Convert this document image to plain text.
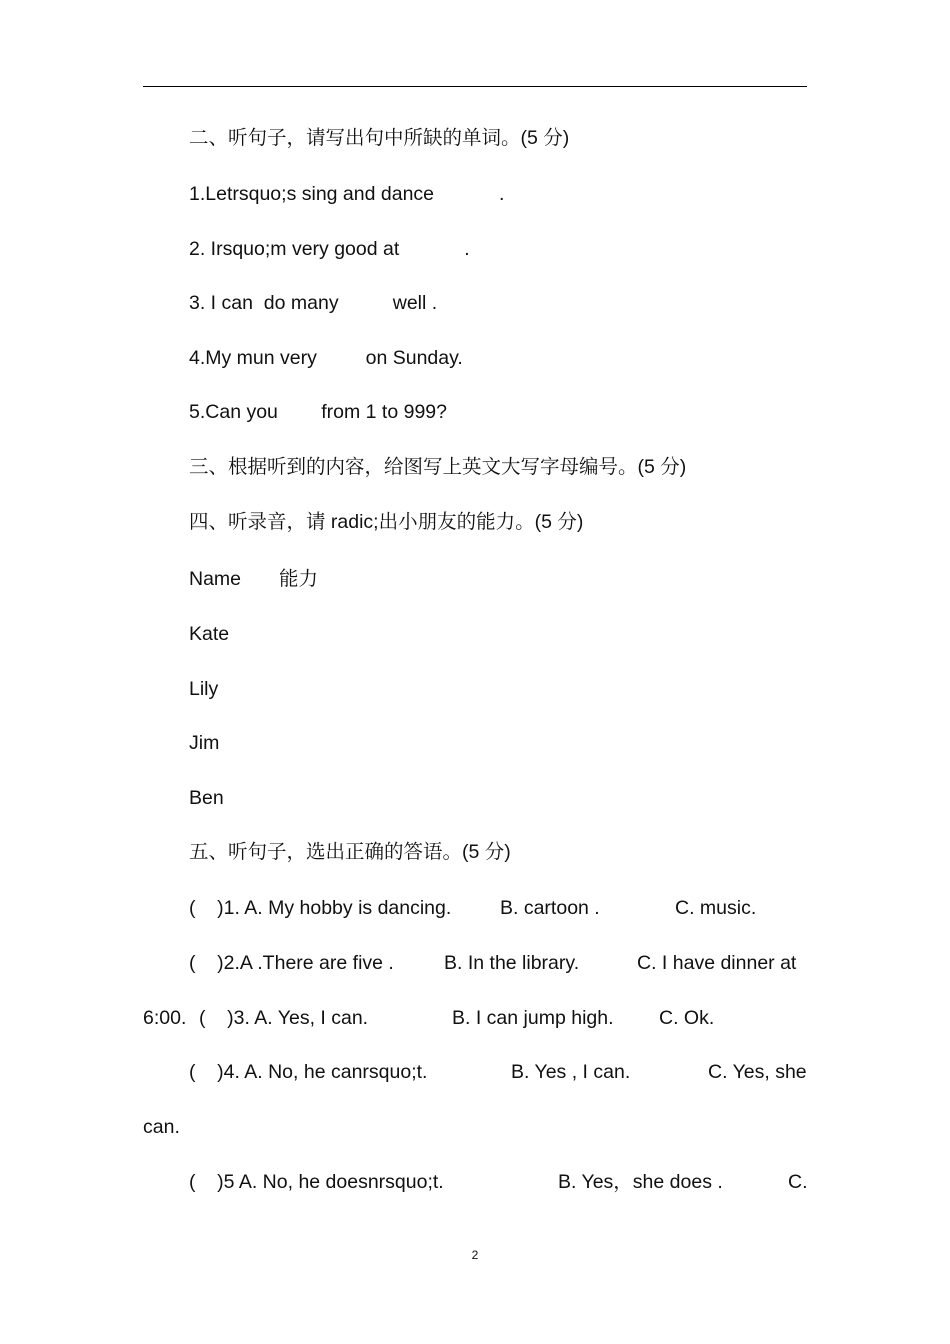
二、听句子，请写出句中所缺的单词。(5 分)
1.Letrsquo;s sing and dance            .
2. Irsquo;m very good at            .
3. I can  do many          well .
4.My mun very         on Sunday.
5.Can you        from 1 to 999?
三、根据听到的内容，给图写上英文大写字母编号。(5 分)
四、听录音，请 radic;出小朋友的能力。(5 分)
Name 能力
Kate
Lily
Jim
Ben
五、听句子，选出正确的答语。(5 分)
(    )1. A. My hobby is dancing. B. cartoon .	C. music.
(    )2.A .There are five .	B. In the library.	C. I have dinner at
6:00. (    )3. A. Yes, I can.	B. I can jump high. C. Ok.
(    )4. A. No, he canrsquo;t.	B. Yes , I can.	C. Yes, she
can.
(    )5 A. No, he doesnrsquo;t.	B. Yes，she does .	C.
2
